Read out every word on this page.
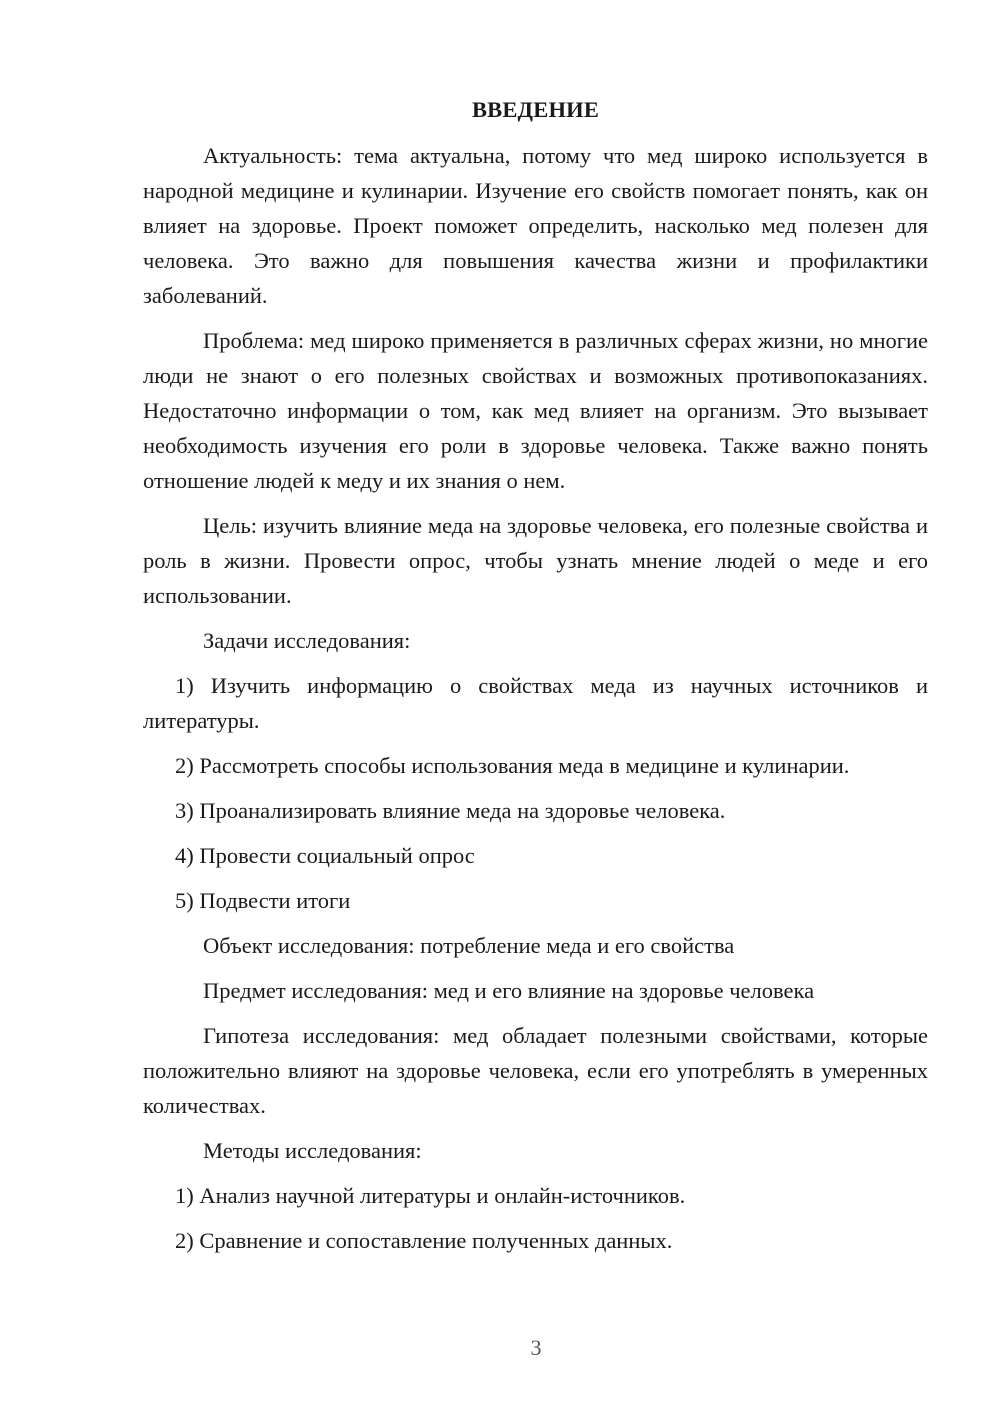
ВВЕДЕНИЕ

Актуальность: тема актуальна, потому что мед широко используется в народной медицине и кулинарии. Изучение его свойств помогает понять, как он влияет на здоровье. Проект поможет определить, насколько мед полезен для человека. Это важно для повышения качества жизни и профилактики заболеваний.

Проблема: мед широко применяется в различных сферах жизни, но многие люди не знают о его полезных свойствах и возможных противопоказаниях. Недостаточно информации о том, как мед влияет на организм. Это вызывает необходимость изучения его роли в здоровье человека. Также важно понять отношение людей к меду и их знания о нем.

Цель: изучить влияние меда на здоровье человека, его полезные свойства и роль в жизни. Провести опрос, чтобы узнать мнение людей о меде и его использовании.

Задачи исследования:

1) Изучить информацию о свойствах меда из научных источников и литературы.

2) Рассмотреть способы использования меда в медицине и кулинарии.

3) Проанализировать влияние меда на здоровье человека.

4) Провести социальный опрос

5) Подвести итоги

Объект исследования: потребление меда и его свойства

Предмет исследования: мед и его влияние на здоровье человека

Гипотеза исследования: мед обладает полезными свойствами, которые положительно влияют на здоровье человека, если его употреблять в умеренных количествах.

Методы исследования:

1) Анализ научной литературы и онлайн-источников.

2) Сравнение и сопоставление полученных данных.

3
